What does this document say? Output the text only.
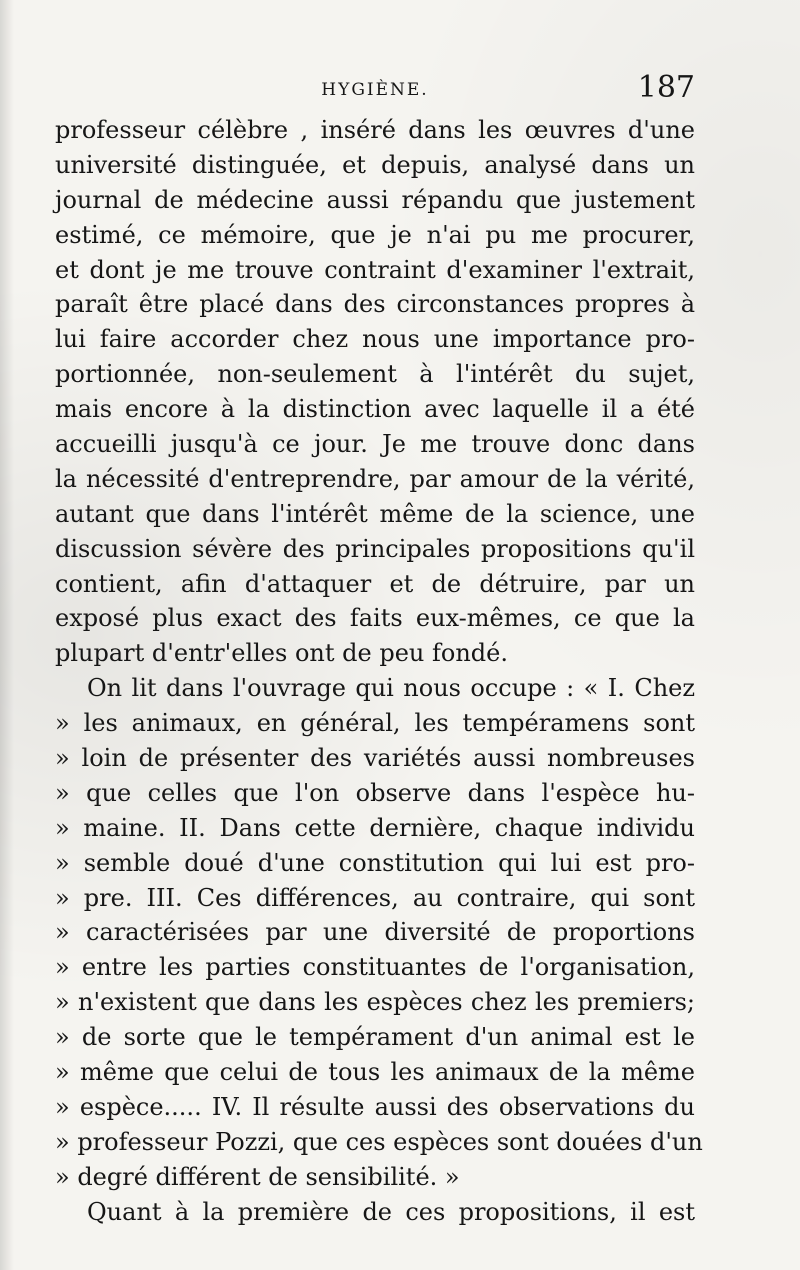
HYGIÈNE.	187
professeur célèbre , inséré dans les œuvres d'une
université distinguée, et depuis, analysé dans un
journal de médecine aussi répandu que justement
estimé, ce mémoire, que je n'ai pu me procurer,
et dont je me trouve contraint d'examiner l'extrait,
paraît être placé dans des circonstances propres à
lui faire accorder chez nous une importance pro-
portionnée, non-seulement à l'intérêt du sujet,
mais encore à la distinction avec laquelle il a été
accueilli jusqu'à ce jour. Je me trouve donc dans
la nécessité d'entreprendre, par amour de la vérité,
autant que dans l'intérêt même de la science, une
discussion sévère des principales propositions qu'il
contient, afin d'attaquer et de détruire, par un
exposé plus exact des faits eux-mêmes, ce que la
plupart d'entr'elles ont de peu fondé.
On lit dans l'ouvrage qui nous occupe : « I. Chez
» les animaux, en général, les tempéramens sont
» loin de présenter des variétés aussi nombreuses
» que celles que l'on observe dans l'espèce hu-
» maine. II. Dans cette dernière, chaque individu
» semble doué d'une constitution qui lui est pro-
» pre. III. Ces différences, au contraire, qui sont
» caractérisées par une diversité de proportions
» entre les parties constituantes de l'organisation,
» n'existent que dans les espèces chez les premiers;
» de sorte que le tempérament d'un animal est le
» même que celui de tous les animaux de la même
» espèce..... IV. Il résulte aussi des observations du
» professeur Pozzi, que ces espèces sont douées d'un
» degré différent de sensibilité. »
Quant à la première de ces propositions, il est
